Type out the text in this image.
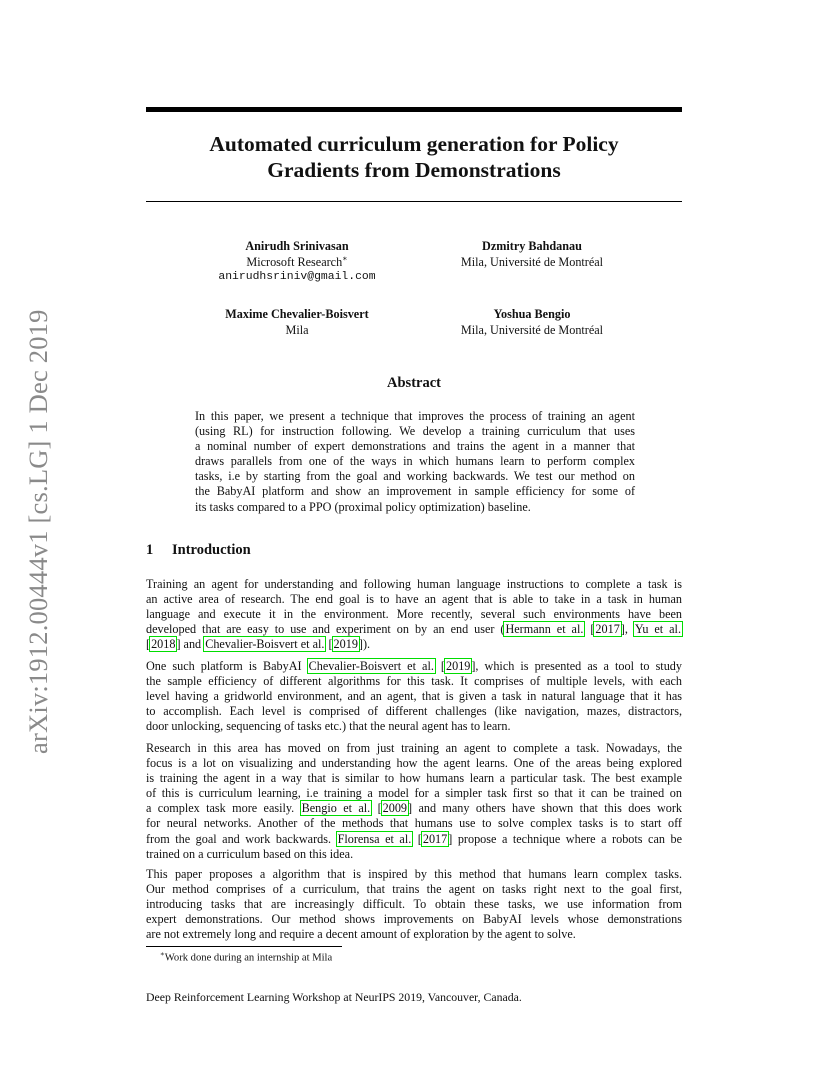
arXiv:1912.00444v1 [cs.LG] 1 Dec 2019
Automated curriculum generation for Policy
Gradients from Demonstrations
Anirudh Srinivasan
Microsoft Research∗
anirudhsriniv@gmail.com
Dzmitry Bahdanau
Mila, Université de Montréal
Maxime Chevalier-Boisvert
Mila
Yoshua Bengio
Mila, Université de Montréal
Abstract
In this paper, we present a technique that improves the process of training an agent
(using RL) for instruction following. We develop a training curriculum that uses
a nominal number of expert demonstrations and trains the agent in a manner that
draws parallels from one of the ways in which humans learn to perform complex
tasks, i.e by starting from the goal and working backwards. We test our method on
the BabyAI platform and show an improvement in sample efficiency for some of
its tasks compared to a PPO (proximal policy optimization) baseline.
1 Introduction
Training an agent for understanding and following human language instructions to complete a task is
an active area of research. The end goal is to have an agent that is able to take in a task in human
language and execute it in the environment. More recently, several such environments have been
developed that are easy to use and experiment on by an end user (Hermann et al. [2017], Yu et al.
[2018] and Chevalier-Boisvert et al. [2019]).
One such platform is BabyAI Chevalier-Boisvert et al. [2019], which is presented as a tool to study
the sample efficiency of different algorithms for this task. It comprises of multiple levels, with each
level having a gridworld environment, and an agent, that is given a task in natural language that it has
to accomplish. Each level is comprised of different challenges (like navigation, mazes, distractors,
door unlocking, sequencing of tasks etc.) that the neural agent has to learn.
Research in this area has moved on from just training an agent to complete a task. Nowadays, the
focus is a lot on visualizing and understanding how the agent learns. One of the areas being explored
is training the agent in a way that is similar to how humans learn a particular task. The best example
of this is curriculum learning, i.e training a model for a simpler task first so that it can be trained on
a complex task more easily. Bengio et al. [2009] and many others have shown that this does work
for neural networks. Another of the methods that humans use to solve complex tasks is to start off
from the goal and work backwards. Florensa et al. [2017] propose a technique where a robots can be
trained on a curriculum based on this idea.
This paper proposes a algorithm that is inspired by this method that humans learn complex tasks.
Our method comprises of a curriculum, that trains the agent on tasks right next to the goal first,
introducing tasks that are increasingly difficult. To obtain these tasks, we use information from
expert demonstrations. Our method shows improvements on BabyAI levels whose demonstrations
are not extremely long and require a decent amount of exploration by the agent to solve.
∗Work done during an internship at Mila
Deep Reinforcement Learning Workshop at NeurIPS 2019, Vancouver, Canada.
